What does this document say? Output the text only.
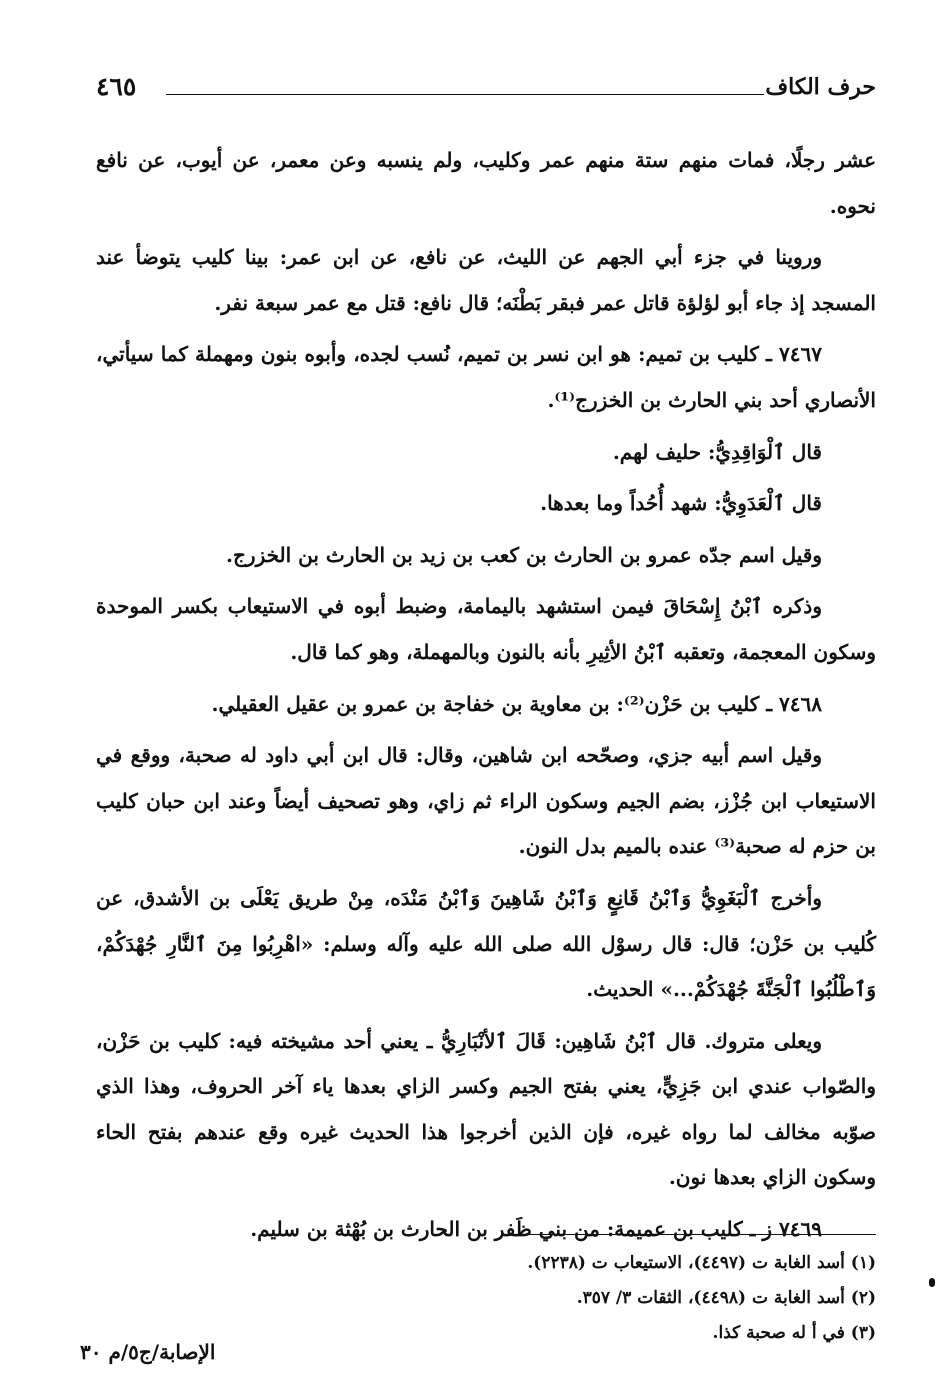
حرف الكاف
٤٦٥

عشر رجلًا، فمات منهم ستة منهم عمر وكليب، ولم ينسبه وعن معمر، عن أيوب، عن نافع نحوه.

وروينا في جزء أبي الجهم عن الليث، عن نافع، عن ابن عمر: بينا كليب يتوضأ عند المسجد إذ جاء أبو لؤلؤة قاتل عمر فبقر بَطْنَه؛ قال نافع: قتل مع عمر سبعة نفر.

٧٤٦٧ ـ كليب بن تميم: هو ابن نسر بن تميم، نُسب لجده، وأبوه بنون ومهملة كما سيأتي، الأنصاري أحد بني الحارث بن الخزرج⁽¹⁾.

قال ٱلْوَاقِدِيُّ: حليف لهم.

قال ٱلْعَدَوِيُّ: شهد أُحُداً وما بعدها.

وقيل اسم جدّه عمرو بن الحارث بن كعب بن زيد بن الحارث بن الخزرج.

وذكره ٱبْنُ إِسْحَاقَ فيمن استشهد باليمامة، وضبط أبوه في الاستيعاب بكسر الموحدة وسكون المعجمة، وتعقبه ٱبْنُ الأثِيرِ بأنه بالنون وبالمهملة، وهو كما قال.

٧٤٦٨ ـ كليب بن حَزْن⁽²⁾: بن معاوية بن خفاجة بن عمرو بن عقيل العقيلي.

وقيل اسم أبيه جزي، وصحّحه ابن شاهين، وقال: قال ابن أبي داود له صحبة، ووقع في الاستيعاب ابن جُزْز، بضم الجيم وسكون الراء ثم زاي، وهو تصحيف أيضاً وعند ابن حبان كليب بن حزم له صحبة⁽³⁾ عنده بالميم بدل النون.

وأخرج ٱلْبَغَوِيُّ وَٱبْنُ قَانِعٍ وَٱبْنُ شَاهِينَ وَٱبْنُ مَنْدَه، مِنْ طريق يَعْلَى بن الأشدق، عن كُليب بن حَزْن؛ قال: قال رسوْل الله صلى الله عليه وآله وسلم: «اهْرِبُوا مِنَ ٱلنَّارِ جُهْدَكُمْ، وَٱطْلُبُوا ٱلْجَنَّةَ جُهْدَكُمْ...» الحديث.

ويعلى متروك. قال ٱبْنُ شَاهِين: قَالَ ٱلأنْبَارِيُّ ـ يعني أحد مشيخته فيه: كليب بن حَزْن، والصّواب عندي ابن جَزِيٍّ، يعني بفتح الجيم وكسر الزاي بعدها ياء آخر الحروف، وهذا الذي صوّبه مخالف لما رواه غيره، فإن الذين أخرجوا هذا الحديث غيره وقع عندهم بفتح الحاء وسكون الزاي بعدها نون.

٧٤٦٩ ز ـ كليب بن عميمة: من بني ظَفر بن الحارث بن بُهْثة بن سليم.

(١) أسد الغابة ت (٤٤٩٧)، الاستيعاب ت (٢٢٣٨).

(٢) أسد الغابة ت (٤٤٩٨)، الثقات ٣/ ٣٥٧.

(٣) في أ له صحبة كذا.

الإصابة/ج٥/م ٣٠
